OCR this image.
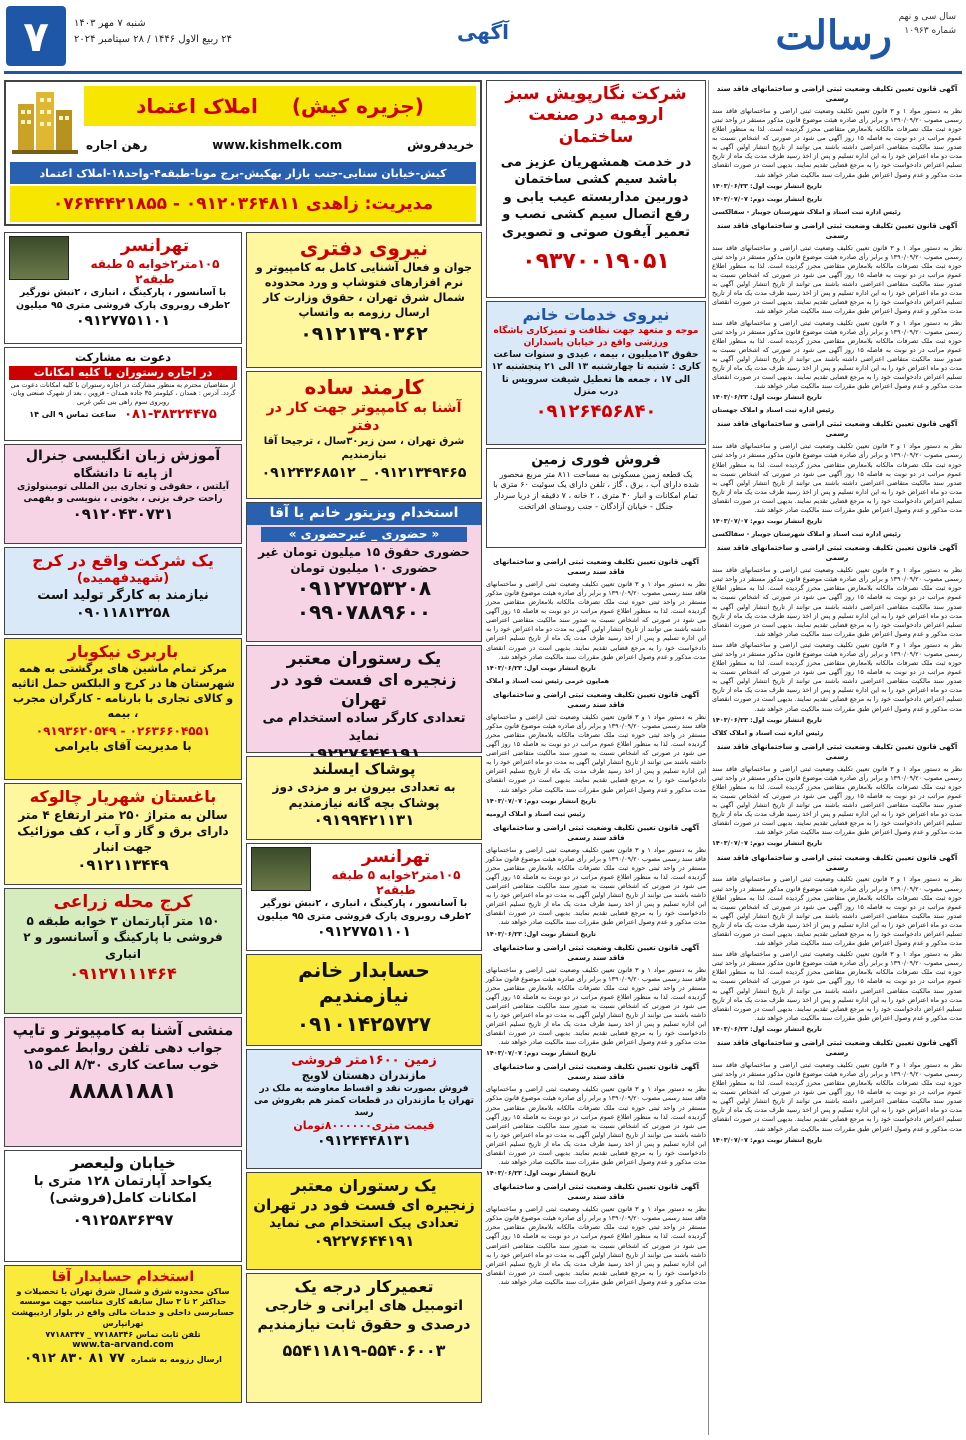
سال سی و نهم
شماره ۱۰۹۶۳
رسالت
آگهی
شنبه ۷ مهر ۱۴۰۳
۲۴ ربیع الاول ۱۴۴۶ / ۲۸ سپتامبر ۲۰۲۴
۷
(جزیره کیش)
املاک اعتماد
خریدفروش
www.kishmelk.com
رهن اجاره
کیش-خیابان سنایی-جنب بازار بهکیش-برج مونا-طبقه۴-واحد۱۸-املاک اعتماد
مدیریت: زاهدی ۰۹۱۲۰۳۶۴۸۱۱ - ۰۷۶۴۴۴۲۱۸۵۵
شرکت نگارپویش سبز ارومیه در صنعت ساختمان
در خدمت همشهریان عزیز می باشد سیم کشی ساختمان دوربین مداربسته عیب یابی و رفع اتصال سیم کشی نصب و تعمیر آیفون صوتی و تصویری
۰۹۳۷۰۰۱۹۰۵۱
نیروی خدمات خانم
موجه و متعهد جهت نظافت و تمیزکاری باشگاه ورزشی واقع در خیابان پاسداران
حقوق ۱۳میلیون ، بیمه ، عیدی و سنوات ساعت کاری : شنبه تا چهارشنبه ۱۳ الی ۲۱ پنجشنبه ۱۲ الی ۱۷ ، جمعه ها تعطیل شیفت سرویس تا درب منزل
۰۹۱۲۶۴۵۶۸۴۰
فروش فوری زمین
یک قطعه زمین مسکونی به مساحت ۸۱۱ متر مربع محصور شده دارای آب ، برق ، گاز ، تلفن دارای یک سوئیت ۶۰ متری با تمام امکانات و انبار ۴۰ متری ، ۲ خانه ، ۷ دقیقه از دریا سردار جنگل - خیابان آزادگان - جنب روستای افراتخت
آگهی قانون تعیین تکلیف وضعیت ثبتی اراضی و ساختمانهای فاقد سند رسمی
نظر به دستور مواد ۱ و ۳ قانون تعیین تکلیف وضعیت ثبتی اراضی و ساختمانهای فاقد سند رسمی مصوب ۱۳۹۰/۰۹/۲۰ و برابر رأی صادره هیئت موضوع قانون مذکور مستقر در واحد ثبتی حوزه ثبت ملک تصرفات مالکانه بلامعارض متقاضی محرز گردیده است. لذا به منظور اطلاع عموم مراتب در دو نوبت به فاصله ۱۵ روز آگهی می شود در صورتی که اشخاص نسبت به صدور سند مالکیت متقاضی اعتراضی داشته باشند می توانند از تاریخ انتشار اولین آگهی به مدت دو ماه اعتراض خود را به این اداره تسلیم و پس از اخذ رسید ظرف مدت یک ماه از تاریخ تسلیم اعتراض دادخواست خود را به مرجع قضایی تقدیم نمایند. بدیهی است در صورت انقضای مدت مذکور و عدم وصول اعتراض طبق مقررات سند مالکیت صادر خواهد شد.
تاریخ انتشار نوبت اول: ۱۴۰۳/۰۶/۲۳
همایون خرمی رئیس ثبت اسناد و املاک
آگهی قانون تعیین تکلیف وضعیت ثبتی اراضی و ساختمانهای فاقد سند رسمی
نظر به دستور مواد ۱ و ۳ قانون تعیین تکلیف وضعیت ثبتی اراضی و ساختمانهای فاقد سند رسمی مصوب ۱۳۹۰/۰۹/۲۰ و برابر رأی صادره هیئت موضوع قانون مذکور مستقر در واحد ثبتی حوزه ثبت ملک تصرفات مالکانه بلامعارض متقاضی محرز گردیده است. لذا به منظور اطلاع عموم مراتب در دو نوبت به فاصله ۱۵ روز آگهی می شود در صورتی که اشخاص نسبت به صدور سند مالکیت متقاضی اعتراضی داشته باشند می توانند از تاریخ انتشار اولین آگهی به مدت دو ماه اعتراض خود را به این اداره تسلیم و پس از اخذ رسید ظرف مدت یک ماه از تاریخ تسلیم اعتراض دادخواست خود را به مرجع قضایی تقدیم نمایند. بدیهی است در صورت انقضای مدت مذکور و عدم وصول اعتراض طبق مقررات سند مالکیت صادر خواهد شد.
تاریخ انتشار نوبت دوم: ۱۴۰۳/۰۷/۰۷
رئیس ثبت اسناد و املاک ارومیه
آگهی قانون تعیین تکلیف وضعیت ثبتی اراضی و ساختمانهای فاقد سند رسمی
نظر به دستور مواد ۱ و ۳ قانون تعیین تکلیف وضعیت ثبتی اراضی و ساختمانهای فاقد سند رسمی مصوب ۱۳۹۰/۰۹/۲۰ و برابر رأی صادره هیئت موضوع قانون مذکور مستقر در واحد ثبتی حوزه ثبت ملک تصرفات مالکانه بلامعارض متقاضی محرز گردیده است. لذا به منظور اطلاع عموم مراتب در دو نوبت به فاصله ۱۵ روز آگهی می شود در صورتی که اشخاص نسبت به صدور سند مالکیت متقاضی اعتراضی داشته باشند می توانند از تاریخ انتشار اولین آگهی به مدت دو ماه اعتراض خود را به این اداره تسلیم و پس از اخذ رسید ظرف مدت یک ماه از تاریخ تسلیم اعتراض دادخواست خود را به مرجع قضایی تقدیم نمایند. بدیهی است در صورت انقضای مدت مذکور و عدم وصول اعتراض طبق مقررات سند مالکیت صادر خواهد شد.
تاریخ انتشار نوبت اول: ۱۴۰۳/۰۶/۲۳
آگهی قانون تعیین تکلیف وضعیت ثبتی اراضی و ساختمانهای فاقد سند رسمی
نظر به دستور مواد ۱ و ۳ قانون تعیین تکلیف وضعیت ثبتی اراضی و ساختمانهای فاقد سند رسمی مصوب ۱۳۹۰/۰۹/۲۰ و برابر رأی صادره هیئت موضوع قانون مذکور مستقر در واحد ثبتی حوزه ثبت ملک تصرفات مالکانه بلامعارض متقاضی محرز گردیده است. لذا به منظور اطلاع عموم مراتب در دو نوبت به فاصله ۱۵ روز آگهی می شود در صورتی که اشخاص نسبت به صدور سند مالکیت متقاضی اعتراضی داشته باشند می توانند از تاریخ انتشار اولین آگهی به مدت دو ماه اعتراض خود را به این اداره تسلیم و پس از اخذ رسید ظرف مدت یک ماه از تاریخ تسلیم اعتراض دادخواست خود را به مرجع قضایی تقدیم نمایند. بدیهی است در صورت انقضای مدت مذکور و عدم وصول اعتراض طبق مقررات سند مالکیت صادر خواهد شد.
تاریخ انتشار نوبت دوم: ۱۴۰۳/۰۷/۰۷
آگهی قانون تعیین تکلیف وضعیت ثبتی اراضی و ساختمانهای فاقد سند رسمی
نظر به دستور مواد ۱ و ۳ قانون تعیین تکلیف وضعیت ثبتی اراضی و ساختمانهای فاقد سند رسمی مصوب ۱۳۹۰/۰۹/۲۰ و برابر رأی صادره هیئت موضوع قانون مذکور مستقر در واحد ثبتی حوزه ثبت ملک تصرفات مالکانه بلامعارض متقاضی محرز گردیده است. لذا به منظور اطلاع عموم مراتب در دو نوبت به فاصله ۱۵ روز آگهی می شود در صورتی که اشخاص نسبت به صدور سند مالکیت متقاضی اعتراضی داشته باشند می توانند از تاریخ انتشار اولین آگهی به مدت دو ماه اعتراض خود را به این اداره تسلیم و پس از اخذ رسید ظرف مدت یک ماه از تاریخ تسلیم اعتراض دادخواست خود را به مرجع قضایی تقدیم نمایند. بدیهی است در صورت انقضای مدت مذکور و عدم وصول اعتراض طبق مقررات سند مالکیت صادر خواهد شد.
تاریخ انتشار نوبت اول: ۱۴۰۳/۰۶/۲۳
آگهی قانون تعیین تکلیف وضعیت ثبتی اراضی و ساختمانهای فاقد سند رسمی
نظر به دستور مواد ۱ و ۳ قانون تعیین تکلیف وضعیت ثبتی اراضی و ساختمانهای فاقد سند رسمی مصوب ۱۳۹۰/۰۹/۲۰ و برابر رأی صادره هیئت موضوع قانون مذکور مستقر در واحد ثبتی حوزه ثبت ملک تصرفات مالکانه بلامعارض متقاضی محرز گردیده است. لذا به منظور اطلاع عموم مراتب در دو نوبت به فاصله ۱۵ روز آگهی می شود در صورتی که اشخاص نسبت به صدور سند مالکیت متقاضی اعتراضی داشته باشند می توانند از تاریخ انتشار اولین آگهی به مدت دو ماه اعتراض خود را به این اداره تسلیم و پس از اخذ رسید ظرف مدت یک ماه از تاریخ تسلیم اعتراض دادخواست خود را به مرجع قضایی تقدیم نمایند. بدیهی است در صورت انقضای مدت مذکور و عدم وصول اعتراض طبق مقررات سند مالکیت صادر خواهد شد.
آگهی قانون تعیین تکلیف وضعیت ثبتی اراضی و ساختمانهای فاقد سند رسمی
نظر به دستور مواد ۱ و ۳ قانون تعیین تکلیف وضعیت ثبتی اراضی و ساختمانهای فاقد سند رسمی مصوب ۱۳۹۰/۰۹/۲۰ و برابر رأی صادره هیئت موضوع قانون مذکور مستقر در واحد ثبتی حوزه ثبت ملک تصرفات مالکانه بلامعارض متقاضی محرز گردیده است. لذا به منظور اطلاع عموم مراتب در دو نوبت به فاصله ۱۵ روز آگهی می شود در صورتی که اشخاص نسبت به صدور سند مالکیت متقاضی اعتراضی داشته باشند می توانند از تاریخ انتشار اولین آگهی به مدت دو ماه اعتراض خود را به این اداره تسلیم و پس از اخذ رسید ظرف مدت یک ماه از تاریخ تسلیم اعتراض دادخواست خود را به مرجع قضایی تقدیم نمایند. بدیهی است در صورت انقضای مدت مذکور و عدم وصول اعتراض طبق مقررات سند مالکیت صادر خواهد شد.
تاریخ انتشار نوبت اول: ۱۴۰۳/۰۶/۲۳
تاریخ انتشار نوبت دوم: ۱۴۰۳/۰۷/۰۷
رئیس اداره ثبت اسناد و املاک شهرستان جویبار - سقالکسی
آگهی قانون تعیین تکلیف وضعیت ثبتی اراضی و ساختمانهای فاقد سند رسمی
نظر به دستور مواد ۱ و ۳ قانون تعیین تکلیف وضعیت ثبتی اراضی و ساختمانهای فاقد سند رسمی مصوب ۱۳۹۰/۰۹/۲۰ و برابر رأی صادره هیئت موضوع قانون مذکور مستقر در واحد ثبتی حوزه ثبت ملک تصرفات مالکانه بلامعارض متقاضی محرز گردیده است. لذا به منظور اطلاع عموم مراتب در دو نوبت به فاصله ۱۵ روز آگهی می شود در صورتی که اشخاص نسبت به صدور سند مالکیت متقاضی اعتراضی داشته باشند می توانند از تاریخ انتشار اولین آگهی به مدت دو ماه اعتراض خود را به این اداره تسلیم و پس از اخذ رسید ظرف مدت یک ماه از تاریخ تسلیم اعتراض دادخواست خود را به مرجع قضایی تقدیم نمایند. بدیهی است در صورت انقضای مدت مذکور و عدم وصول اعتراض طبق مقررات سند مالکیت صادر خواهد شد.
نظر به دستور مواد ۱ و ۳ قانون تعیین تکلیف وضعیت ثبتی اراضی و ساختمانهای فاقد سند رسمی مصوب ۱۳۹۰/۰۹/۲۰ و برابر رأی صادره هیئت موضوع قانون مذکور مستقر در واحد ثبتی حوزه ثبت ملک تصرفات مالکانه بلامعارض متقاضی محرز گردیده است. لذا به منظور اطلاع عموم مراتب در دو نوبت به فاصله ۱۵ روز آگهی می شود در صورتی که اشخاص نسبت به صدور سند مالکیت متقاضی اعتراضی داشته باشند می توانند از تاریخ انتشار اولین آگهی به مدت دو ماه اعتراض خود را به این اداره تسلیم و پس از اخذ رسید ظرف مدت یک ماه از تاریخ تسلیم اعتراض دادخواست خود را به مرجع قضایی تقدیم نمایند. بدیهی است در صورت انقضای مدت مذکور و عدم وصول اعتراض طبق مقررات سند مالکیت صادر خواهد شد.
تاریخ انتشار نوبت اول: ۱۴۰۳/۰۶/۲۳
رئیس اداره ثبت اسناد و املاک جهستان
آگهی قانون تعیین تکلیف وضعیت ثبتی اراضی و ساختمانهای فاقد سند رسمی
نظر به دستور مواد ۱ و ۳ قانون تعیین تکلیف وضعیت ثبتی اراضی و ساختمانهای فاقد سند رسمی مصوب ۱۳۹۰/۰۹/۲۰ و برابر رأی صادره هیئت موضوع قانون مذکور مستقر در واحد ثبتی حوزه ثبت ملک تصرفات مالکانه بلامعارض متقاضی محرز گردیده است. لذا به منظور اطلاع عموم مراتب در دو نوبت به فاصله ۱۵ روز آگهی می شود در صورتی که اشخاص نسبت به صدور سند مالکیت متقاضی اعتراضی داشته باشند می توانند از تاریخ انتشار اولین آگهی به مدت دو ماه اعتراض خود را به این اداره تسلیم و پس از اخذ رسید ظرف مدت یک ماه از تاریخ تسلیم اعتراض دادخواست خود را به مرجع قضایی تقدیم نمایند. بدیهی است در صورت انقضای مدت مذکور و عدم وصول اعتراض طبق مقررات سند مالکیت صادر خواهد شد.
تاریخ انتشار نوبت دوم: ۱۴۰۳/۰۷/۰۷
رئیس اداره ثبت اسناد و املاک شهرستان جویبار - سقالکسی
آگهی قانون تعیین تکلیف وضعیت ثبتی اراضی و ساختمانهای فاقد سند رسمی
نظر به دستور مواد ۱ و ۳ قانون تعیین تکلیف وضعیت ثبتی اراضی و ساختمانهای فاقد سند رسمی مصوب ۱۳۹۰/۰۹/۲۰ و برابر رأی صادره هیئت موضوع قانون مذکور مستقر در واحد ثبتی حوزه ثبت ملک تصرفات مالکانه بلامعارض متقاضی محرز گردیده است. لذا به منظور اطلاع عموم مراتب در دو نوبت به فاصله ۱۵ روز آگهی می شود در صورتی که اشخاص نسبت به صدور سند مالکیت متقاضی اعتراضی داشته باشند می توانند از تاریخ انتشار اولین آگهی به مدت دو ماه اعتراض خود را به این اداره تسلیم و پس از اخذ رسید ظرف مدت یک ماه از تاریخ تسلیم اعتراض دادخواست خود را به مرجع قضایی تقدیم نمایند. بدیهی است در صورت انقضای مدت مذکور و عدم وصول اعتراض طبق مقررات سند مالکیت صادر خواهد شد.
نظر به دستور مواد ۱ و ۳ قانون تعیین تکلیف وضعیت ثبتی اراضی و ساختمانهای فاقد سند رسمی مصوب ۱۳۹۰/۰۹/۲۰ و برابر رأی صادره هیئت موضوع قانون مذکور مستقر در واحد ثبتی حوزه ثبت ملک تصرفات مالکانه بلامعارض متقاضی محرز گردیده است. لذا به منظور اطلاع عموم مراتب در دو نوبت به فاصله ۱۵ روز آگهی می شود در صورتی که اشخاص نسبت به صدور سند مالکیت متقاضی اعتراضی داشته باشند می توانند از تاریخ انتشار اولین آگهی به مدت دو ماه اعتراض خود را به این اداره تسلیم و پس از اخذ رسید ظرف مدت یک ماه از تاریخ تسلیم اعتراض دادخواست خود را به مرجع قضایی تقدیم نمایند. بدیهی است در صورت انقضای مدت مذکور و عدم وصول اعتراض طبق مقررات سند مالکیت صادر خواهد شد.
تاریخ انتشار نوبت اول: ۱۴۰۳/۰۶/۲۳
رئیس اداره ثبت اسناد و املاک کلاک
آگهی قانون تعیین تکلیف وضعیت ثبتی اراضی و ساختمانهای فاقد سند رسمی
نظر به دستور مواد ۱ و ۳ قانون تعیین تکلیف وضعیت ثبتی اراضی و ساختمانهای فاقد سند رسمی مصوب ۱۳۹۰/۰۹/۲۰ و برابر رأی صادره هیئت موضوع قانون مذکور مستقر در واحد ثبتی حوزه ثبت ملک تصرفات مالکانه بلامعارض متقاضی محرز گردیده است. لذا به منظور اطلاع عموم مراتب در دو نوبت به فاصله ۱۵ روز آگهی می شود در صورتی که اشخاص نسبت به صدور سند مالکیت متقاضی اعتراضی داشته باشند می توانند از تاریخ انتشار اولین آگهی به مدت دو ماه اعتراض خود را به این اداره تسلیم و پس از اخذ رسید ظرف مدت یک ماه از تاریخ تسلیم اعتراض دادخواست خود را به مرجع قضایی تقدیم نمایند. بدیهی است در صورت انقضای مدت مذکور و عدم وصول اعتراض طبق مقررات سند مالکیت صادر خواهد شد.
تاریخ انتشار نوبت دوم: ۱۴۰۳/۰۷/۰۷
آگهی قانون تعیین تکلیف وضعیت ثبتی اراضی و ساختمانهای فاقد سند رسمی
نظر به دستور مواد ۱ و ۳ قانون تعیین تکلیف وضعیت ثبتی اراضی و ساختمانهای فاقد سند رسمی مصوب ۱۳۹۰/۰۹/۲۰ و برابر رأی صادره هیئت موضوع قانون مذکور مستقر در واحد ثبتی حوزه ثبت ملک تصرفات مالکانه بلامعارض متقاضی محرز گردیده است. لذا به منظور اطلاع عموم مراتب در دو نوبت به فاصله ۱۵ روز آگهی می شود در صورتی که اشخاص نسبت به صدور سند مالکیت متقاضی اعتراضی داشته باشند می توانند از تاریخ انتشار اولین آگهی به مدت دو ماه اعتراض خود را به این اداره تسلیم و پس از اخذ رسید ظرف مدت یک ماه از تاریخ تسلیم اعتراض دادخواست خود را به مرجع قضایی تقدیم نمایند. بدیهی است در صورت انقضای مدت مذکور و عدم وصول اعتراض طبق مقررات سند مالکیت صادر خواهد شد.
نظر به دستور مواد ۱ و ۳ قانون تعیین تکلیف وضعیت ثبتی اراضی و ساختمانهای فاقد سند رسمی مصوب ۱۳۹۰/۰۹/۲۰ و برابر رأی صادره هیئت موضوع قانون مذکور مستقر در واحد ثبتی حوزه ثبت ملک تصرفات مالکانه بلامعارض متقاضی محرز گردیده است. لذا به منظور اطلاع عموم مراتب در دو نوبت به فاصله ۱۵ روز آگهی می شود در صورتی که اشخاص نسبت به صدور سند مالکیت متقاضی اعتراضی داشته باشند می توانند از تاریخ انتشار اولین آگهی به مدت دو ماه اعتراض خود را به این اداره تسلیم و پس از اخذ رسید ظرف مدت یک ماه از تاریخ تسلیم اعتراض دادخواست خود را به مرجع قضایی تقدیم نمایند. بدیهی است در صورت انقضای مدت مذکور و عدم وصول اعتراض طبق مقررات سند مالکیت صادر خواهد شد.
تاریخ انتشار نوبت اول: ۱۴۰۳/۰۶/۲۳
آگهی قانون تعیین تکلیف وضعیت ثبتی اراضی و ساختمانهای فاقد سند رسمی
نظر به دستور مواد ۱ و ۳ قانون تعیین تکلیف وضعیت ثبتی اراضی و ساختمانهای فاقد سند رسمی مصوب ۱۳۹۰/۰۹/۲۰ و برابر رأی صادره هیئت موضوع قانون مذکور مستقر در واحد ثبتی حوزه ثبت ملک تصرفات مالکانه بلامعارض متقاضی محرز گردیده است. لذا به منظور اطلاع عموم مراتب در دو نوبت به فاصله ۱۵ روز آگهی می شود در صورتی که اشخاص نسبت به صدور سند مالکیت متقاضی اعتراضی داشته باشند می توانند از تاریخ انتشار اولین آگهی به مدت دو ماه اعتراض خود را به این اداره تسلیم و پس از اخذ رسید ظرف مدت یک ماه از تاریخ تسلیم اعتراض دادخواست خود را به مرجع قضایی تقدیم نمایند. بدیهی است در صورت انقضای مدت مذکور و عدم وصول اعتراض طبق مقررات سند مالکیت صادر خواهد شد.
تاریخ انتشار نوبت دوم: ۱۴۰۳/۰۷/۰۷
نیروی دفتری
جوان و فعال آشنایی کامل به کامپیوتر و نرم افزارهای فتوشاپ و ورد محدوده شمال شرق تهران ، حقوق وزارت کار ارسال رزومه به واتساپ
۰۹۱۲۱۳۹۰۳۶۲
کارمند ساده
آشنا به کامپیوتر جهت کار در دفتر
شرق تهران ، سن زیر۳۰سال ، ترجیحا آقا نیازمندیم
۰۹۱۲۴۳۶۸۵۱۲ _ ۰۹۱۲۱۳۴۹۴۶۵
استخدام ویزیتور خانم یا آقا
« حضوری _ غیرحضوری »
حضوری حقوق ۱۵ میلیون تومان غیر حضوری ۱۰ میلیون تومان
۰۹۱۲۷۲۵۳۲۰۸
۰۹۹۰۷۸۸۹۶۰۰
یک رستوران معتبر
زنجیره ای فست فود در تهران
تعدادی کارگر ساده استخدام می نماید
پوشاک ایسلند
به تعدادی بیرون بر و مزدی دوز پوشاک بچه گانه نیازمندیم
۰۹۱۹۹۴۲۱۱۳۱
تهرانسر
۱۰۵متر۲خوابه ۵ طبقه طبقه۲
با آسانسور ، پارکینگ ، انباری ، ۲نبش نورگیر ۲طرف روبروی پارک فروشی متری ۹۵ میلیون
۰۹۱۲۷۷۵۱۱۰۱
حسابدار خانم نیازمندیم
۰۹۱۰۱۴۲۵۷۲۷
زمین ۱۶۰۰متر فروشی
مازندران دهستان لاویج
فروش بصورت نقد و اقساط معاوضه به ملک در تهران یا مازندران در قطعات کمتر هم بفروش می رسد
قیمت متری۸۰۰۰۰۰۰تومان
۰۹۱۲۴۴۴۸۱۳۱
یک رستوران معتبر
زنجیره ای فست فود در تهران
تعدادی پیک استخدام می نماید
۰۹۲۲۷۶۴۴۱۹۱
تعمیرکار درجه یک
اتومبیل های ایرانی و خارجی درصدی و حقوق ثابت نیازمندیم
۵۵۴۱۱۸۱۹-۵۵۴۰۶۰۰۳
تهرانسر
۱۰۵متر۲خوابه ۵ طبقه طبقه۲
با آسانسور ، پارکینگ ، انباری ، ۲نبش نورگیر ۲طرف روبروی پارک فروشی متری ۹۵ میلیون
۰۹۱۲۷۷۵۱۱۰۱
دعوت به مشارکت
در اجاره رستوران با کلیه امکانات
از متقاضیان محترم به منظور مشارکت در اجاره رستوران با کلیه امکانات دعوت می گردد. آدرس : همدان ، کیلومتر ۳۵ جاده همدان - قزوین ، بعد از شهرک صنعتی ویان، روبروی سوم راهی بنی تکین غربی
۰۸۱-۳۸۳۲۴۴۷۵
ساعت تماس ۹ الی ۱۴
آموزش زبان انگلیسی جنرال
از پایه تا دانشگاه
آیلتس ، حقوقی و تجاری بین المللی تومینولوژی راحت حرف بزنی ، بخونی ، بنویسی و بفهمی
۰۹۱۲۰۴۳۰۷۳۱
یک شرکت واقع در کرج
(شهیدفهمیده)
نیازمند به کارگر تولید است
۰۹۰۱۱۸۱۳۲۵۸
باربری نیکوبار
مرکز تمام ماشین های برگشتی به همه شهرستان ها در کرج و البلکس حمل اثاثیه و کالای تجاری با بارنامه - کارگران مجرب ، بیمه
۰۹۱۹۳۶۲۰۵۴۹ - ۰۲۶۳۶۶۰۴۵۵۱
با مدیریت آقای بایرامی
باغستان شهریار چالوکه
سالن به متراژ ۲۵۰ متر ارتفاع ۴ متر دارای برق و گاز و آب ، کف موزائیک جهت انبار
۰۹۱۲۱۱۳۴۴۹
کرج محله زراعی
۱۵۰ متر آپارتمان ۳ خوابه طبقه ۵ فروشی با پارکینگ و آسانسور و ۲ انباری
۰۹۱۲۷۱۱۱۴۶۴
منشی آشنا به کامپیوتر و تایپ
جواب دهی تلفن روابط عمومی خوب ساعت کاری ۸/۳۰ الی ۱۵
۸۸۸۸۱۸۸۱
خیابان ولیعصر
یکواحد آپارتمان ۱۲۸ متری با امکانات کامل(فروشی)
۰۹۱۲۵۸۳۶۳۹۷
استخدام حسابدار آقا
ساکن محدوده شرق و شمال شرق تهران با تحصیلات و حداکثر ۲ تا ۳ سال سابقه کاری مناسب جهت موسسه حسابرسی داخلی و خدمات مالی واقع در بلوار اردیبهشت تهرانپارس
تلفن ثابت تماس ۷۷۱۸۸۳۴۶ _ ۷۷۱۸۸۳۴۷
www.ta-arvand.com
ارسال رزومه به شماره
۰۹۱۲ ۸۳۰ ۸۱ ۷۷
